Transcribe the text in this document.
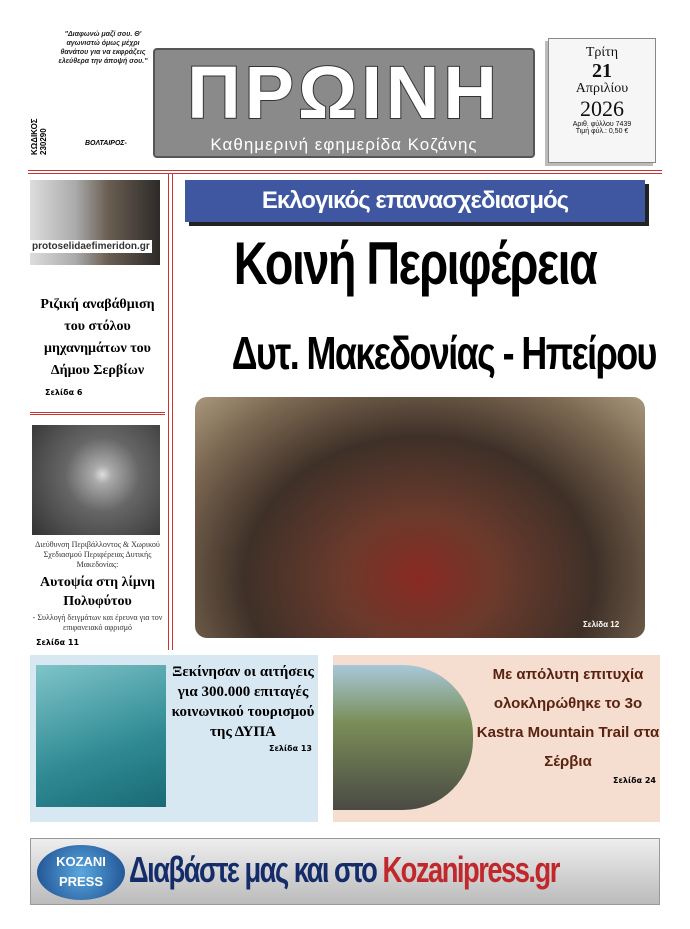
"Διαφωνώ μαζί σου. Θ' αγωνιστώ όμως μέχρι θανάτου για να εκφράζεις ελεύθερα την άποψή σου."
ΒΟΛΤΑΙΡΟΣ-
ΚΩΔΙΚΟΣ 230290
ΠΡΩΙΝΗ
Καθημερινή εφημερίδα Κοζάνης
Τρίτη
21
Απριλίου
2026
Αριθ. φύλλου 7439
Τιμή φύλ.: 0,50 €
protoselidaefimeridon.gr
Ριζική αναβάθμιση του στόλου μηχανημάτων του Δήμου Σερβίων
Σελίδα 6
Διεύθυνση Περιβάλλοντος & Χωρικού Σχεδιασμού Περιφέρειας Δυτικής Μακεδονίας:
Αυτοψία στη λίμνη Πολυφύτου
- Συλλογή δειγμάτων και έρευνα για τον επιφανειακό αφρισμό
Σελίδα 11
Εκλογικός επανασχεδιασμός
Κοινή Περιφέρεια
Δυτ. Μακεδονίας - Ηπείρου
Σελίδα 12
Ξεκίνησαν οι αιτήσεις για 300.000 επιταγές κοινωνικού τουρισμού της ΔΥΠΑ
Σελίδα 13
Με απόλυτη επιτυχία ολοκληρώθηκε το 3ο Kastra Mountain Trail στα Σέρβια
Σελίδα 24
KOZANI PRESS Διαβάστε μας και στο Kozanipress.gr
